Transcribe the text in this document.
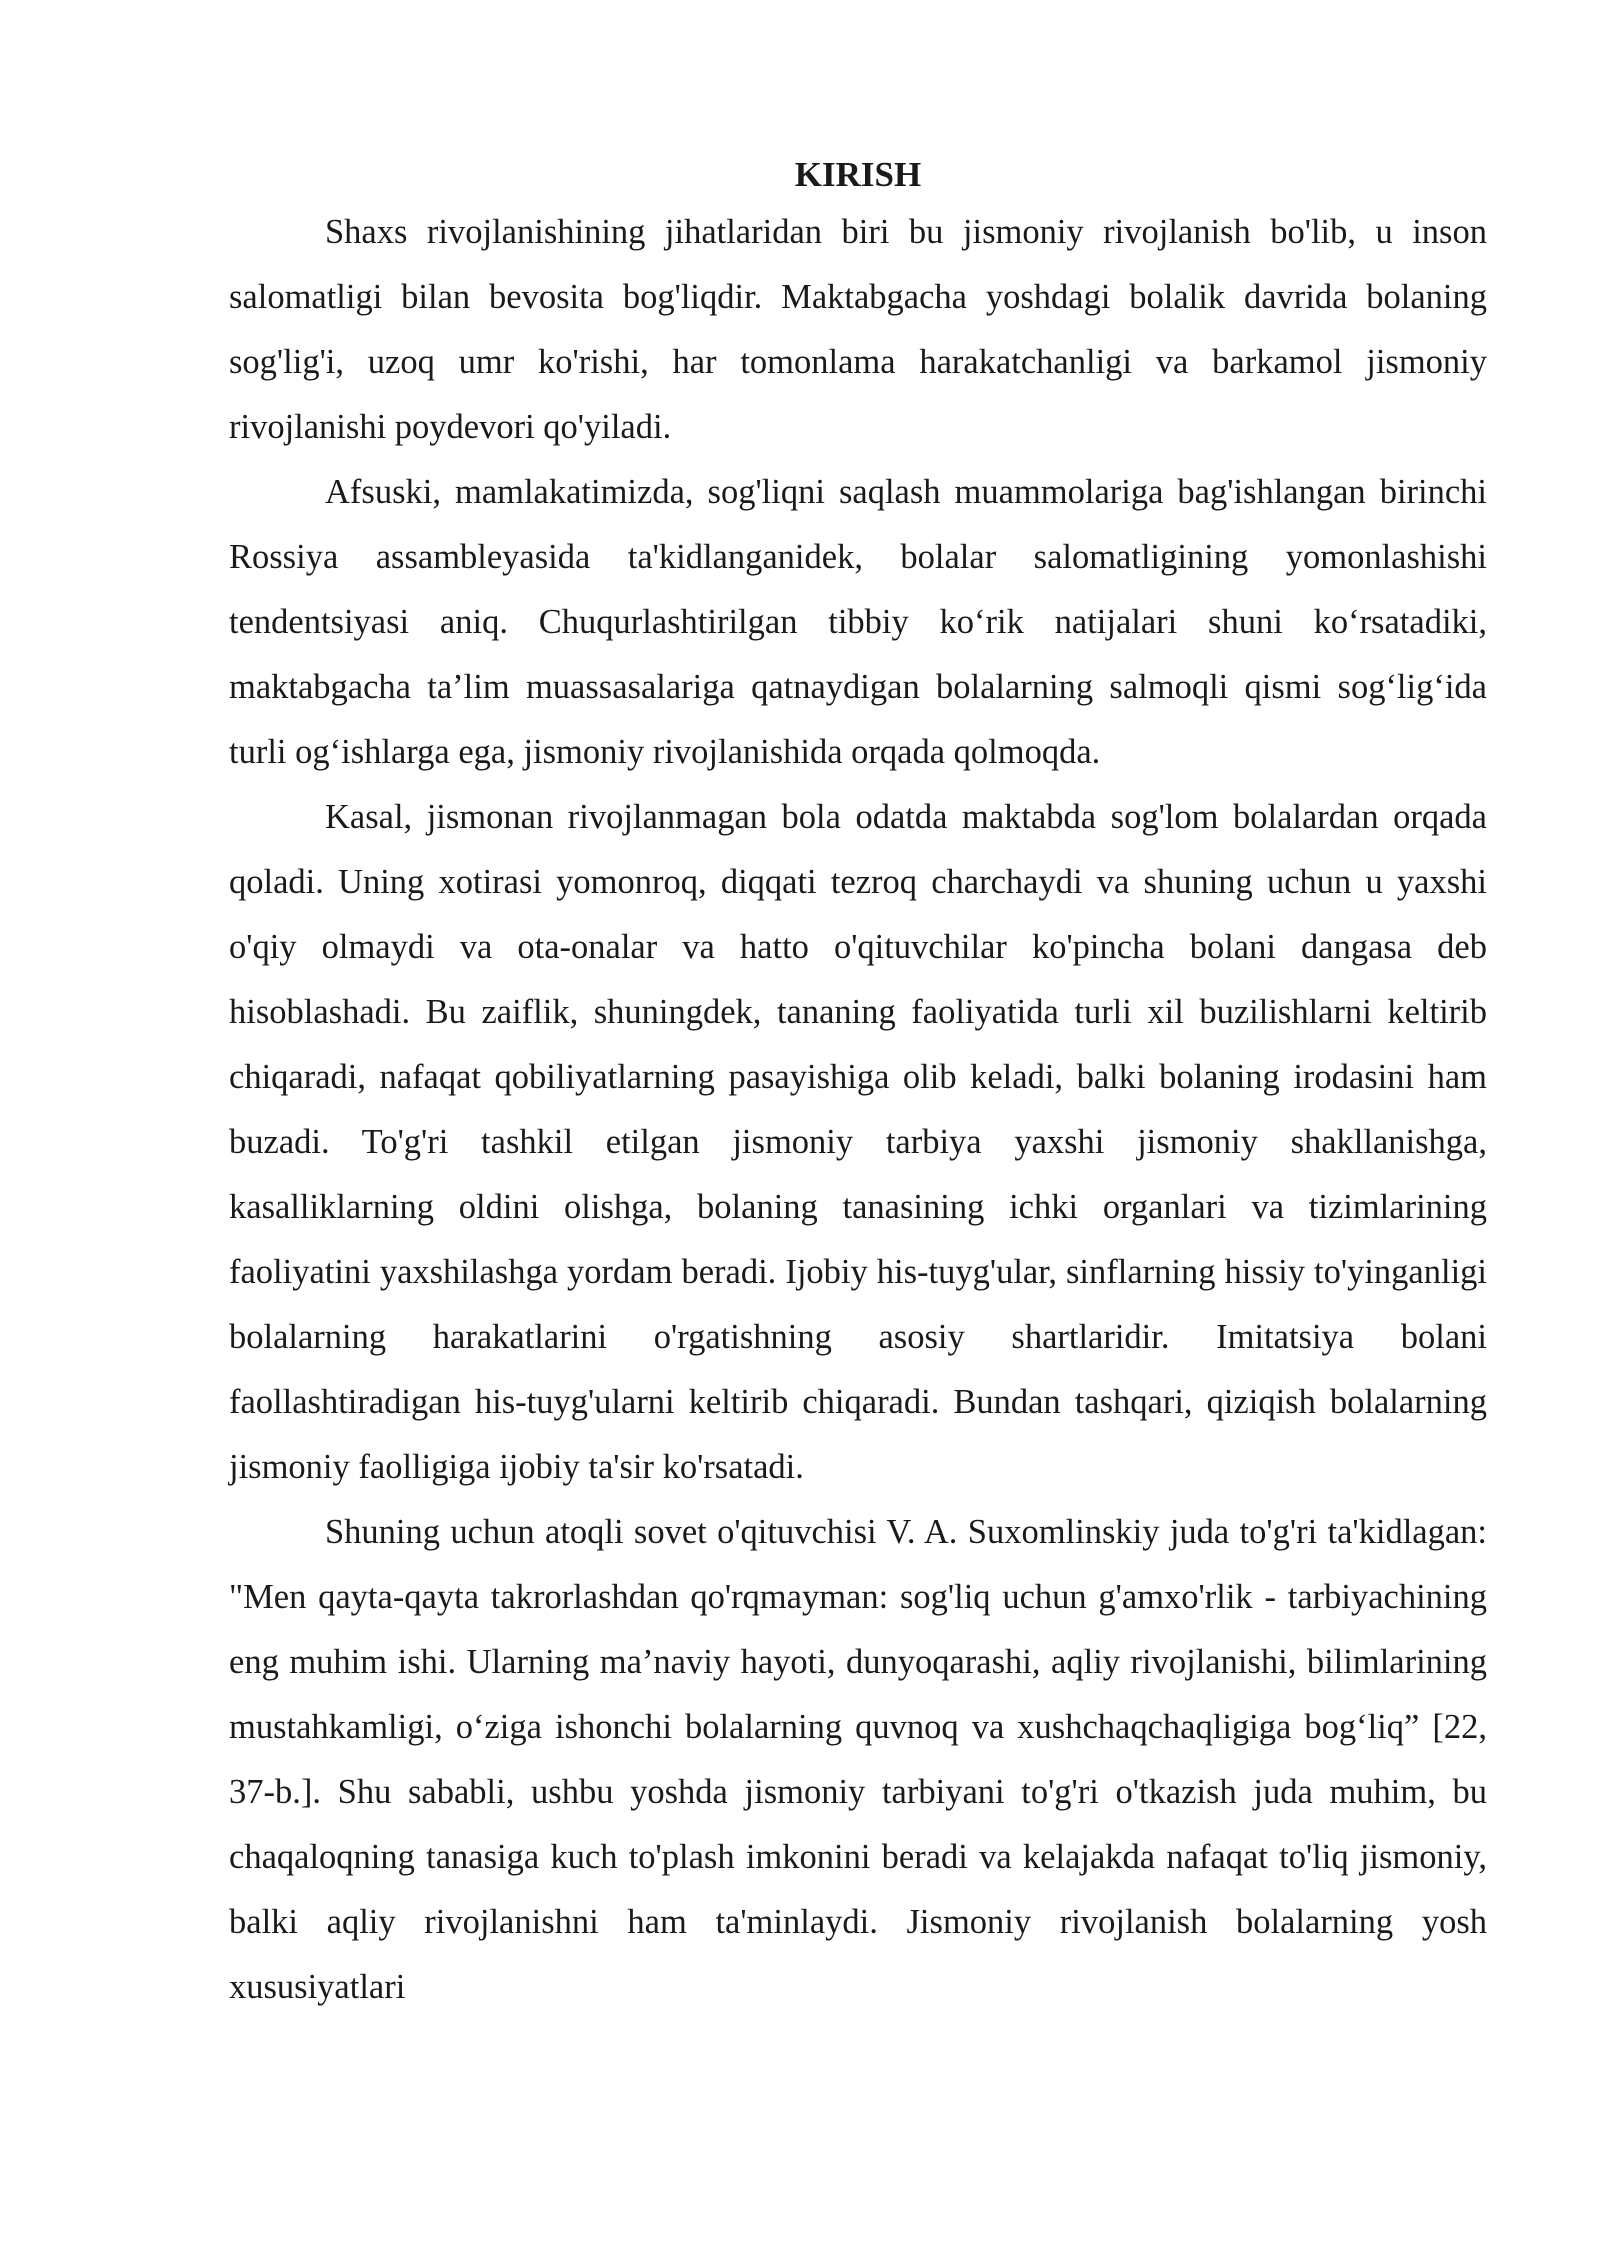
KIRISH

Shaxs rivojlanishining jihatlaridan biri bu jismoniy rivojlanish bo'lib, u inson salomatligi bilan bevosita bog'liqdir. Maktabgacha yoshdagi bolalik davrida bolaning sog'lig'i, uzoq umr ko'rishi, har tomonlama harakatchanligi va barkamol jismoniy rivojlanishi poydevori qo'yiladi.

Afsuski, mamlakatimizda, sog'liqni saqlash muammolariga bag'ishlangan birinchi Rossiya assambleyasida ta'kidlanganidek, bolalar salomatligining yomonlashishi tendentsiyasi aniq. Chuqurlashtirilgan tibbiy ko‘rik natijalari shuni ko‘rsatadiki, maktabgacha ta’lim muassasalariga qatnaydigan bolalarning salmoqli qismi sog‘lig‘ida turli og‘ishlarga ega, jismoniy rivojlanishida orqada qolmoqda.

Kasal, jismonan rivojlanmagan bola odatda maktabda sog'lom bolalardan orqada qoladi. Uning xotirasi yomonroq, diqqati tezroq charchaydi va shuning uchun u yaxshi o'qiy olmaydi va ota-onalar va hatto o'qituvchilar ko'pincha bolani dangasa deb hisoblashadi. Bu zaiflik, shuningdek, tananing faoliyatida turli xil buzilishlarni keltirib chiqaradi, nafaqat qobiliyatlarning pasayishiga olib keladi, balki bolaning irodasini ham buzadi. To'g'ri tashkil etilgan jismoniy tarbiya yaxshi jismoniy shakllanishga, kasalliklarning oldini olishga, bolaning tanasining ichki organlari va tizimlarining faoliyatini yaxshilashga yordam beradi. Ijobiy his-tuyg'ular, sinflarning hissiy to'yinganligi bolalarning harakatlarini o'rgatishning asosiy shartlaridir. Imitatsiya bolani faollashtiradigan his-tuyg'ularni keltirib chiqaradi. Bundan tashqari, qiziqish bolalarning jismoniy faolligiga ijobiy ta'sir ko'rsatadi.

Shuning uchun atoqli sovet o'qituvchisi V. A. Suxomlinskiy juda to'g'ri ta'kidlagan: "Men qayta-qayta takrorlashdan qo'rqmayman: sog'liq uchun g'amxo'rlik - tarbiyachining eng muhim ishi. Ularning ma’naviy hayoti, dunyoqarashi, aqliy rivojlanishi, bilimlarining mustahkamligi, o‘ziga ishonchi bolalarning quvnoq va xushchaqchaqligiga bog‘liq” [22, 37-b.]. Shu sababli, ushbu yoshda jismoniy tarbiyani to'g'ri o'tkazish juda muhim, bu chaqaloqning tanasiga kuch to'plash imkonini beradi va kelajakda nafaqat to'liq jismoniy, balki aqliy rivojlanishni ham ta'minlaydi. Jismoniy rivojlanish bolalarning yosh xususiyatlari
